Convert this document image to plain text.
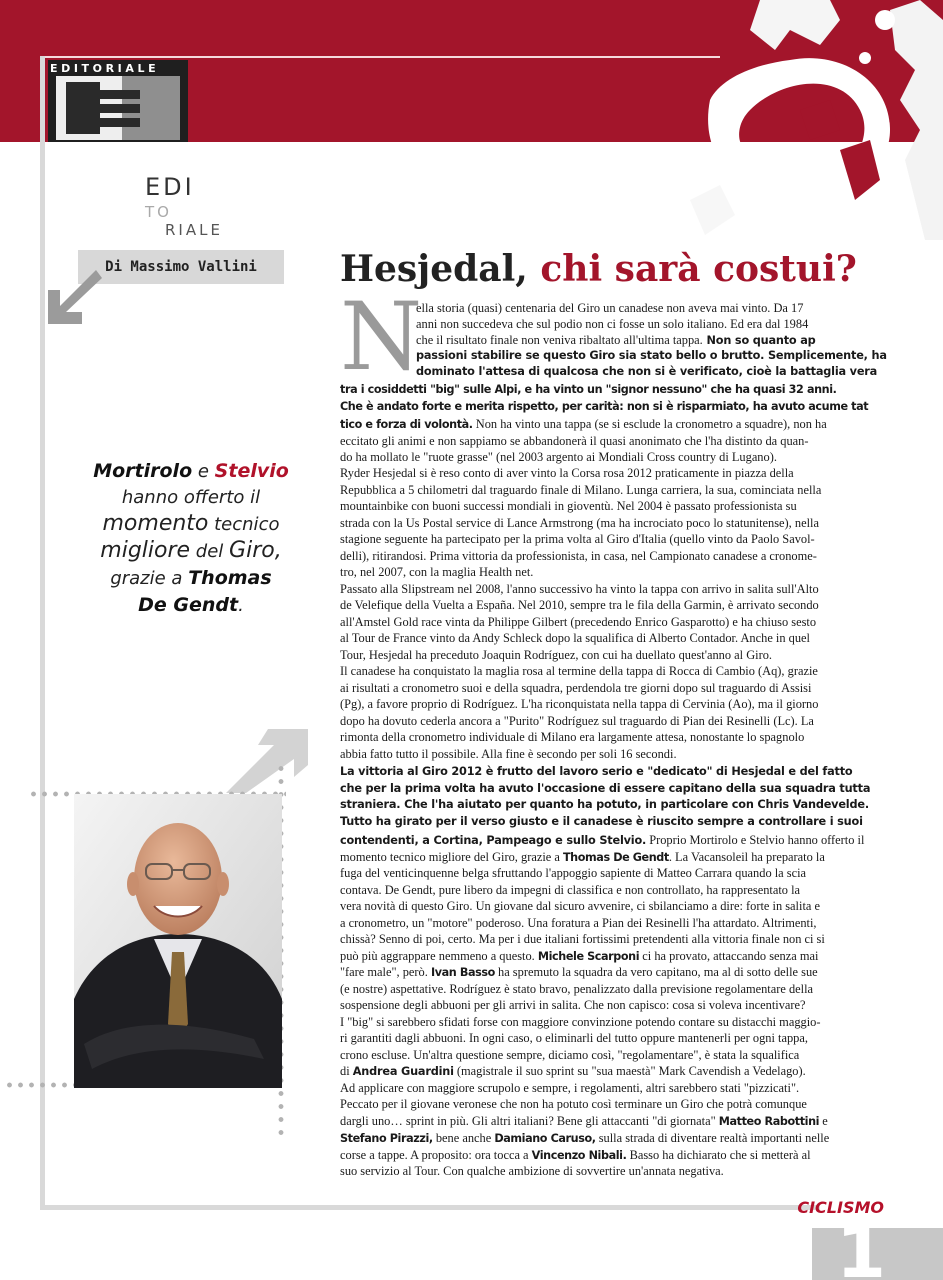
EDITORIALE
EDI
TO
RIALE
Di Massimo Vallini
Mortirolo e Stelvio
hanno offerto il
momento tecnico
migliore del Giro,
grazie a Thomas
De Gendt.
Hesjedal, chi sarà costui?
N
ella storia (quasi) centenaria del Giro un canadese non aveva mai vinto. Da 17
anni non succedeva che sul podio non ci fosse un solo italiano. Ed era dal 1984
che il risultato finale non veniva ribaltato all'ultima tappa. Non so quanto ap
passioni stabilire se questo Giro sia stato bello o brutto. Semplicemente, ha
dominato l'attesa di qualcosa che non si è verificato, cioè la battaglia vera
tra i cosiddetti "big" sulle Alpi, e ha vinto un "signor nessuno" che ha quasi 32 anni.
Che è andato forte e merita rispetto, per carità: non si è risparmiato, ha avuto acume tat
tico e forza di volontà. Non ha vinto una tappa (se si esclude la cronometro a squadre), non ha
eccitato gli animi e non sappiamo se abbandonerà il quasi anonimato che l'ha distinto da quan-
do ha mollato le "ruote grasse" (nel 2003 argento ai Mondiali Cross country di Lugano).
Ryder Hesjedal si è reso conto di aver vinto la Corsa rosa 2012 praticamente in piazza della
Repubblica a 5 chilometri dal traguardo finale di Milano. Lunga carriera, la sua, cominciata nella
mountainbike con buoni successi mondiali in gioventù. Nel 2004 è passato professionista su
strada con la Us Postal service di Lance Armstrong (ma ha incrociato poco lo statunitense), nella
stagione seguente ha partecipato per la prima volta al Giro d'Italia (quello vinto da Paolo Savol-
delli), ritirandosi. Prima vittoria da professionista, in casa, nel Campionato canadese a cronome-
tro, nel 2007, con la maglia Health net.
Passato alla Slipstream nel 2008, l'anno successivo ha vinto la tappa con arrivo in salita sull'Alto
de Velefique della Vuelta a España. Nel 2010, sempre tra le fila della Garmin, è arrivato secondo
all'Amstel Gold race vinta da Philippe Gilbert (precedendo Enrico Gasparotto) e ha chiuso sesto
al Tour de France vinto da Andy Schleck dopo la squalifica di Alberto Contador. Anche in quel
Tour, Hesjedal ha preceduto Joaquin Rodríguez, con cui ha duellato quest'anno al Giro.
Il canadese ha conquistato la maglia rosa al termine della tappa di Rocca di Cambio (Aq), grazie
ai risultati a cronometro suoi e della squadra, perdendola tre giorni dopo sul traguardo di Assisi
(Pg), a favore proprio di Rodríguez. L'ha riconquistata nella tappa di Cervinia (Ao), ma il giorno
dopo ha dovuto cederla ancora a "Purito" Rodríguez sul traguardo di Pian dei Resinelli (Lc). La
rimonta della cronometro individuale di Milano era largamente attesa, nonostante lo spagnolo
abbia fatto tutto il possibile. Alla fine è secondo per soli 16 secondi.
La vittoria al Giro 2012 è frutto del lavoro serio e "dedicato" di Hesjedal e del fatto
che per la prima volta ha avuto l'occasione di essere capitano della sua squadra tutta
straniera. Che l'ha aiutato per quanto ha potuto, in particolare con Chris Vandevelde.
Tutto ha girato per il verso giusto e il canadese è riuscito sempre a controllare i suoi
contendenti, a Cortina, Pampeago e sullo Stelvio. Proprio Mortirolo e Stelvio hanno offerto il
momento tecnico migliore del Giro, grazie a Thomas De Gendt. La Vacansoleil ha preparato la
fuga del venticinquenne belga sfruttando l'appoggio sapiente di Matteo Carrara quando la scia
contava. De Gendt, pure libero da impegni di classifica e non controllato, ha rappresentato la
vera novità di questo Giro. Un giovane dal sicuro avvenire, ci sbilanciamo a dire: forte in salita e
a cronometro, un "motore" poderoso. Una foratura a Pian dei Resinelli l'ha attardato. Altrimenti,
chissà? Senno di poi, certo. Ma per i due italiani fortissimi pretendenti alla vittoria finale non ci si
può più aggrappare nemmeno a questo. Michele Scarponi ci ha provato, attaccando senza mai
"fare male", però. Ivan Basso ha spremuto la squadra da vero capitano, ma al di sotto delle sue
(e nostre) aspettative. Rodríguez è stato bravo, penalizzato dalla previsione regolamentare della
sospensione degli abbuoni per gli arrivi in salita. Che non capisco: cosa si voleva incentivare?
I "big" si sarebbero sfidati forse con maggiore convinzione potendo contare su distacchi maggio-
ri garantiti dagli abbuoni. In ogni caso, o eliminarli del tutto oppure mantenerli per ogni tappa,
crono escluse. Un'altra questione sempre, diciamo così, "regolamentare", è stata la squalifica
di Andrea Guardini (magistrale il suo sprint su "sua maestà" Mark Cavendish a Vedelago).
Ad applicare con maggiore scrupolo e sempre, i regolamenti, altri sarebbero stati "pizzicati".
Peccato per il giovane veronese che non ha potuto così terminare un Giro che potrà comunque
dargli uno… sprint in più. Gli altri italiani? Bene gli attaccanti "di giornata" Matteo Rabottini e
Stefano Pirazzi, bene anche Damiano Caruso, sulla strada di diventare realtà importanti nelle
corse a tappe. A proposito: ora tocca a Vincenzo Nibali. Basso ha dichiarato che si metterà al
suo servizio al Tour. Con qualche ambizione di sovvertire un'annata negativa.
CICLISMO
1
